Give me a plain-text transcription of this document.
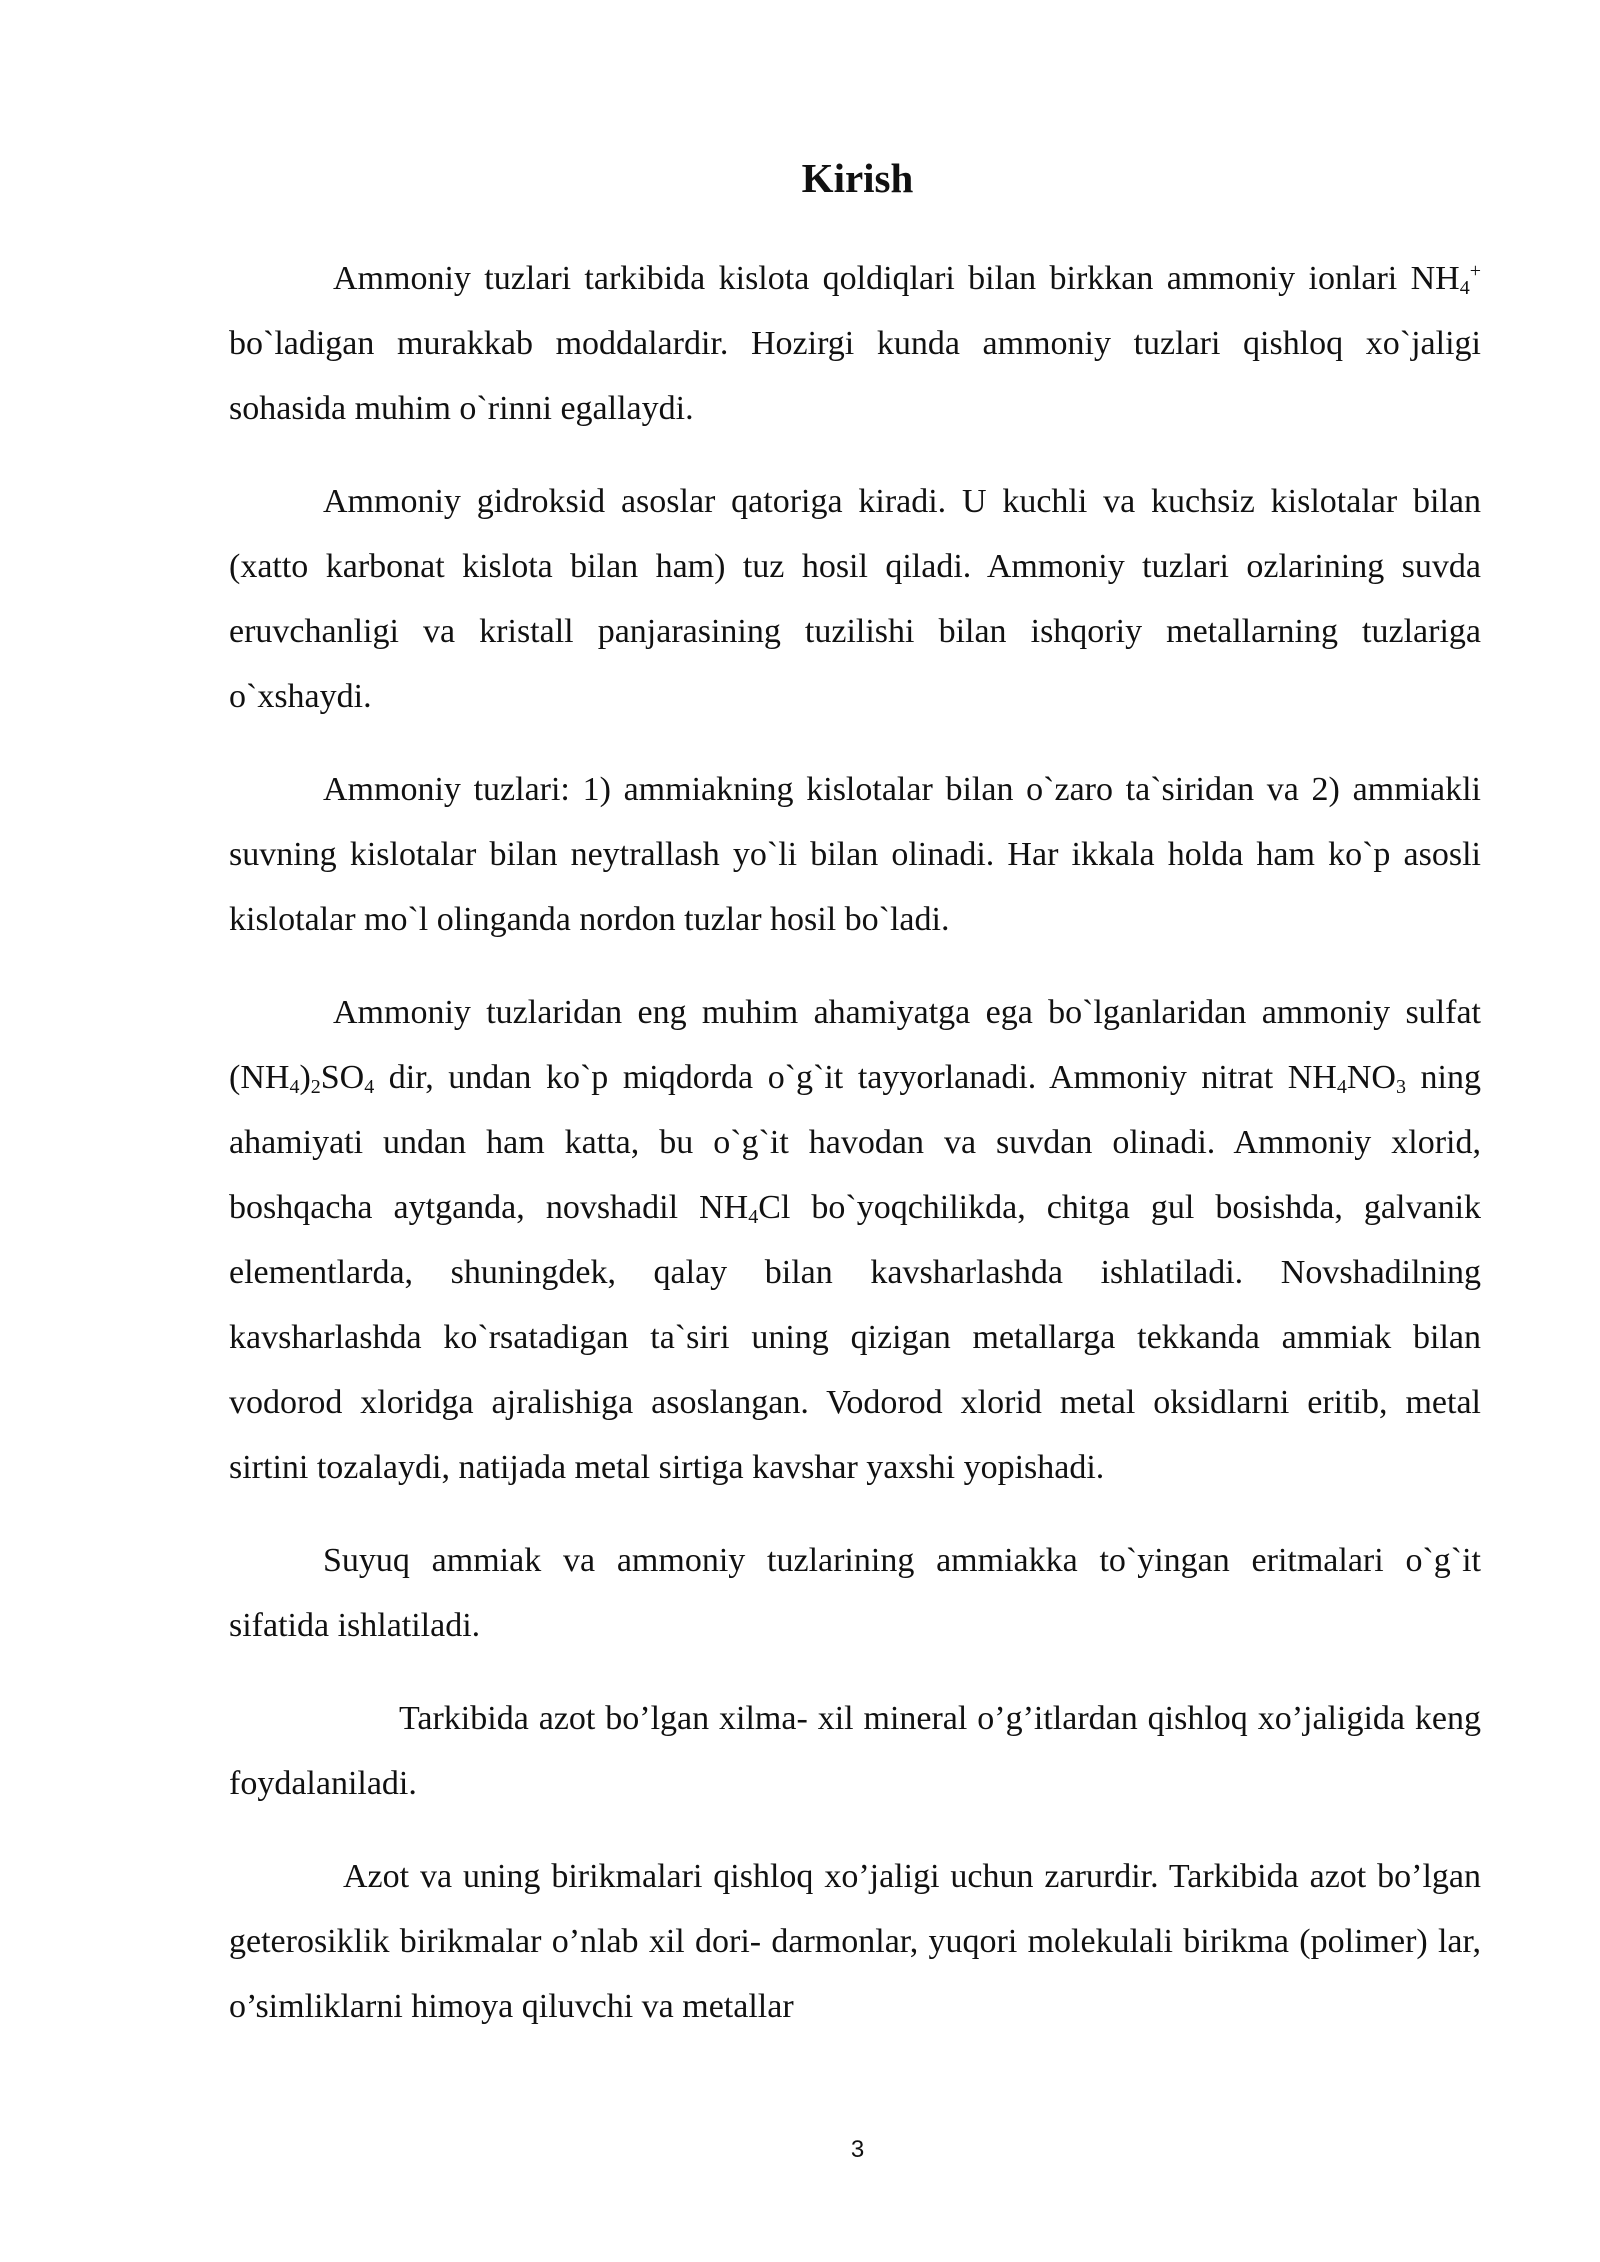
Kirish

Ammoniy tuzlari tarkibida kislota qoldiqlari bilan birkkan ammoniy ionlari $NH_4^+$ bo`ladigan murakkab moddalardir. Hozirgi kunda ammoniy tuzlari qishloq xo`jaligi sohasida muhim o`rinni egallaydi.

Ammoniy gidroksid asoslar qatoriga kiradi. U kuchli va kuchsiz kislotalar bilan (xatto karbonat kislota bilan ham) tuz hosil qiladi. Ammoniy tuzlari ozlarining suvda eruvchanligi va kristall panjarasining tuzilishi bilan ishqoriy metallarning tuzlariga o`xshaydi.

Ammoniy tuzlari: 1) ammiakning kislotalar bilan o`zaro ta`siridan va 2) ammiakli suvning kislotalar bilan neytrallash yo`li bilan olinadi. Har ikkala holda ham ko`p asosli kislotalar mo`l olinganda nordon tuzlar hosil bo`ladi.

Ammoniy tuzlaridan eng muhim ahamiyatga ega bo`lganlaridan ammoniy sulfat $(NH_4)_2SO_4$ dir, undan ko`p miqdorda o`g`it tayyorlanadi. Ammoniy nitrat $NH_4NO_3$ ning ahamiyati undan ham katta, bu o`g`it havodan va suvdan olinadi. Ammoniy xlorid, boshqacha aytganda, novshadil $NH_4Cl$ bo`yoqchilikda, chitga gul bosishda, galvanik elementlarda, shuningdek, qalay bilan kavsharlashda ishlatiladi. Novshadilning kavsharlashda ko`rsatadigan ta`siri uning qizigan metallarga tekkanda ammiak bilan vodorod xloridga ajralishiga asoslangan. Vodorod xlorid metal oksidlarni eritib, metal sirtini tozalaydi, natijada metal sirtiga kavshar yaxshi yopishadi.

Suyuq ammiak va ammoniy tuzlarining ammiakka to`yingan eritmalari o`g`it sifatida ishlatiladi.

Tarkibida azot bo’lgan xilma- xil mineral o’g’itlardan qishloq xo’jaligida keng foydalaniladi.

Azot va uning birikmalari qishloq xo’jaligi uchun zarurdir. Tarkibida azot bo’lgan geterosiklik birikmalar o’nlab xil dori- darmonlar, yuqori molekulali birikma (polimer) lar, o’simliklarni himoya qiluvchi va metallar

3
